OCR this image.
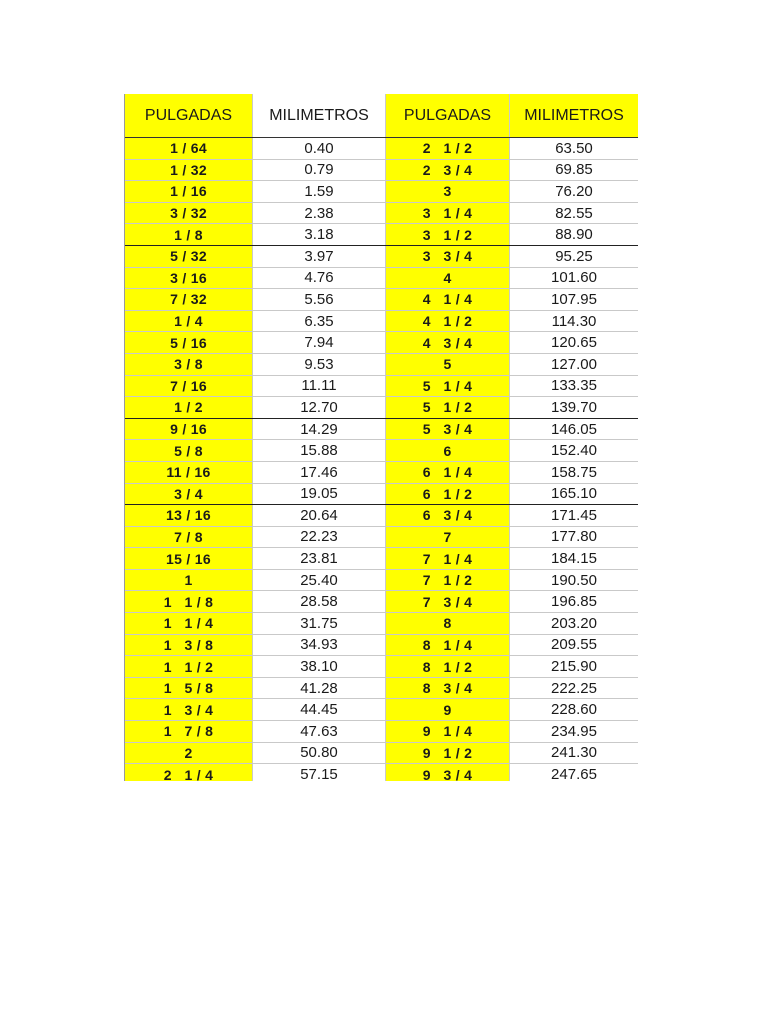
PULGADAS	MILIMETROS	PULGADAS	MILIMETROS
1 / 64	0.40	2   1 / 2	63.50
1 / 32	0.79	2   3 / 4	69.85
1 / 16	1.59	3	76.20
3 / 32	2.38	3   1 / 4	82.55
1 / 8	3.18	3   1 / 2	88.90
5 / 32	3.97	3   3 / 4	95.25
3 / 16	4.76	4	101.60
7 / 32	5.56	4   1 / 4	107.95
1 / 4	6.35	4   1 / 2	114.30
5 / 16	7.94	4   3 / 4	120.65
3 / 8	9.53	5	127.00
7 / 16	11.11	5   1 / 4	133.35
1 / 2	12.70	5   1 / 2	139.70
9 / 16	14.29	5   3 / 4	146.05
5 / 8	15.88	6	152.40
11 / 16	17.46	6   1 / 4	158.75
3 / 4	19.05	6   1 / 2	165.10
13 / 16	20.64	6   3 / 4	171.45
7 / 8	22.23	7	177.80
15 / 16	23.81	7   1 / 4	184.15
1	25.40	7   1 / 2	190.50
1   1 / 8	28.58	7   3 / 4	196.85
1   1 / 4	31.75	8	203.20
1   3 / 8	34.93	8   1 / 4	209.55
1   1 / 2	38.10	8   1 / 2	215.90
1   5 / 8	41.28	8   3 / 4	222.25
1   3 / 4	44.45	9	228.60
1   7 / 8	47.63	9   1 / 4	234.95
2	50.80	9   1 / 2	241.30
2   1 / 4	57.15	9   3 / 4	247.65
